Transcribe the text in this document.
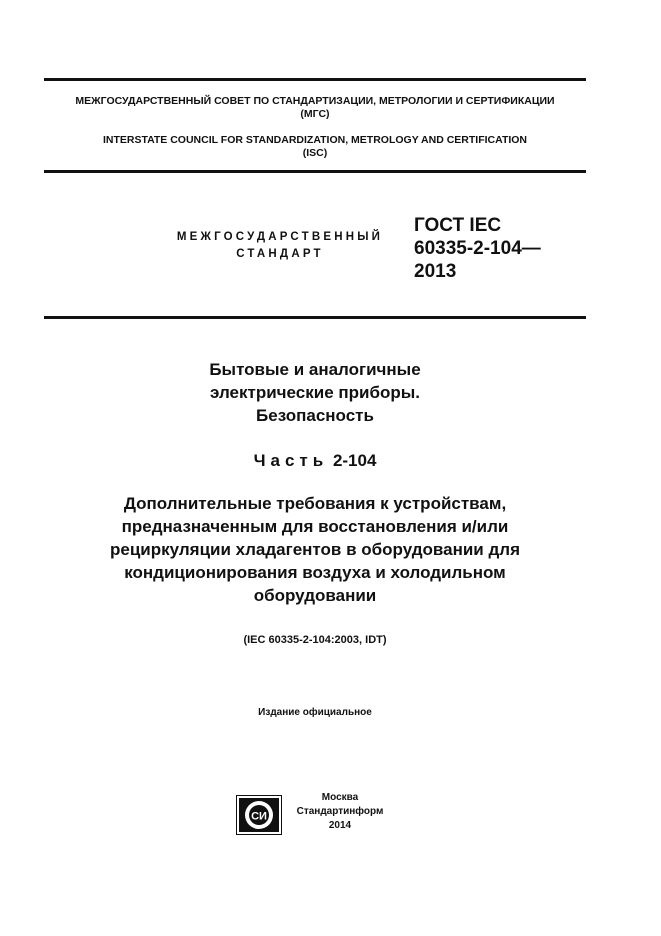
МЕЖГОСУДАРСТВЕННЫЙ СОВЕТ ПО СТАНДАРТИЗАЦИИ, МЕТРОЛОГИИ И СЕРТИФИКАЦИИ
(МГС)
INTERSTATE COUNCIL FOR STANDARDIZATION, METROLOGY AND CERTIFICATION
(ISC)
МЕЖГОСУДАРСТВЕННЫЙ
СТАНДАРТ
ГОСТ IEC
60335-2-104—
2013
Бытовые и аналогичные
электрические приборы.
Безопасность
Часть 2-104
Дополнительные требования к устройствам,
предназначенным для восстановления и/или
рециркуляции хладагентов в оборудовании для
кондиционирования воздуха и холодильном
оборудовании
(IEC 60335-2-104:2003, IDT)
Издание официальное
СИ
Москва
Стандартинформ
2014
